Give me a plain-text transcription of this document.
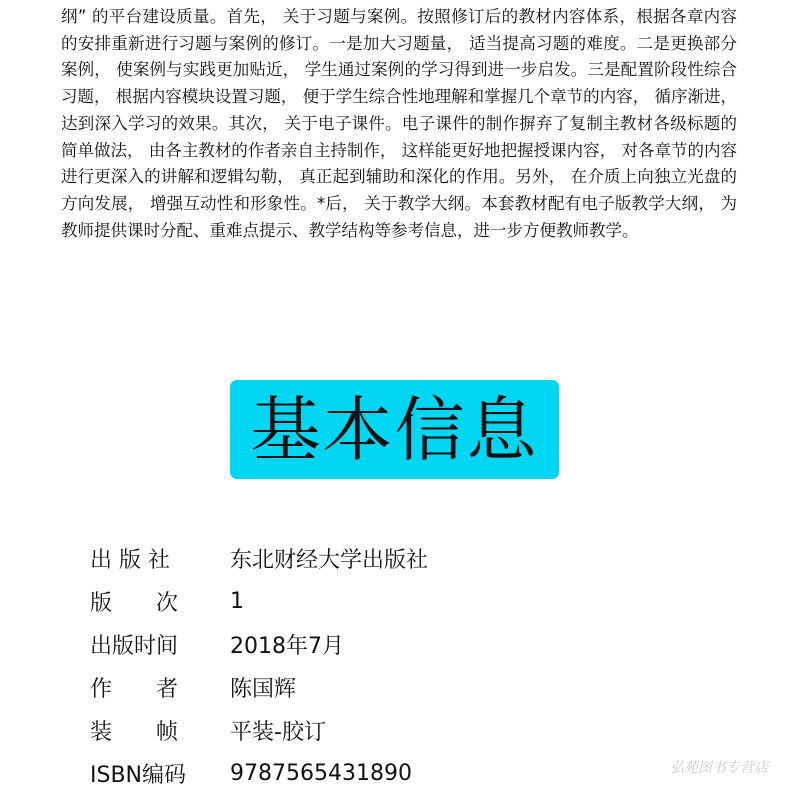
纲” 的平台建设质量。首先， 关于习题与案例。按照修订后的教材内容体系，根据各章内容的安排重新进行习题与案例的修订。一是加大习题量， 适当提高习题的难度。二是更换部分案例， 使案例与实践更加贴近， 学生通过案例的学习得到进一步启发。三是配置阶段性综合习题， 根据内容模块设置习题， 便于学生综合性地理解和掌握几个章节的内容， 循序渐进， 达到深入学习的效果。其次， 关于电子课件。电子课件的制作摒弃了复制主教材各级标题的简单做法， 由各主教材的作者亲自主持制作， 这样能更好地把握授课内容， 对各章节的内容进行更深入的讲解和逻辑勾勒， 真正起到辅助和深化的作用。另外， 在介质上向独立光盘的方向发展， 增强互动性和形象性。*后， 关于教学大纲。本套教材配有电子版教学大纲， 为教师提供课时分配、重难点提示、教学结构等参考信息，进一步方便教师教学。

基本信息
出 版 社	东北财经大学出版社
版　　次	1
出版时间	2018年7月
作　　者	陈国辉
装　　帧	平装-胶订
ISBN编码	9787565431890	弘苑图书专营店
